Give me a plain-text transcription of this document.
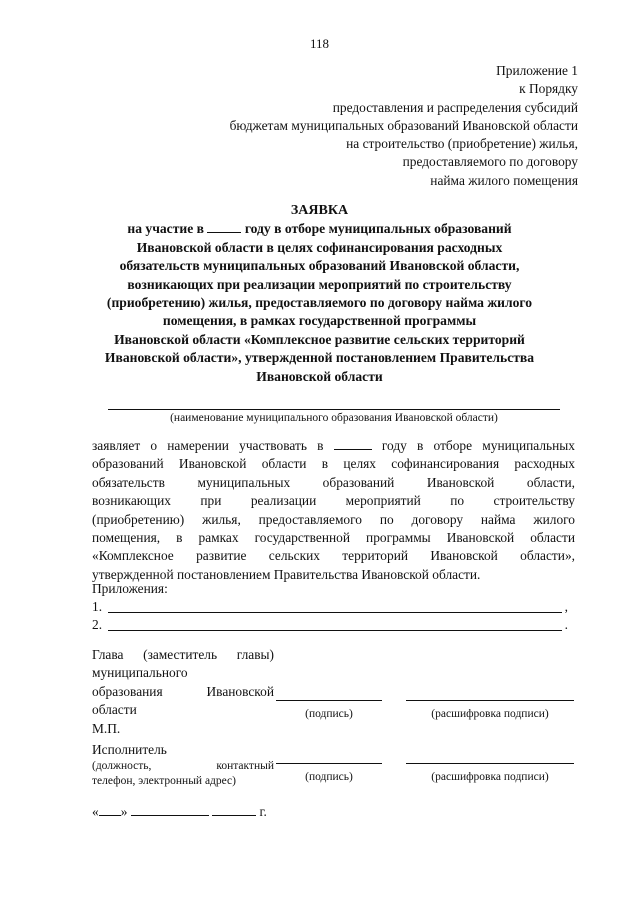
118
Приложение 1
к Порядку
предоставления и распределения субсидий
бюджетам муниципальных образований Ивановской области
на строительство (приобретение) жилья,
предоставляемого по договору
найма жилого помещения
ЗАЯВКА
на участие в	году в отборе муниципальных образований
Ивановской области в целях софинансирования расходных
обязательств муниципальных образований Ивановской области,
возникающих при реализации мероприятий по строительству
(приобретению) жилья, предоставляемого по договору найма жилого
помещения, в рамках государственной программы
Ивановской области «Комплексное развитие сельских территорий
Ивановской области», утвержденной постановлением Правительства
Ивановской области
(наименование муниципального образования Ивановской области)
заявляет о намерении участвовать в	году в отборе муниципальных
образований Ивановской области в целях софинансирования расходных
обязательств муниципальных образований Ивановской области,
возникающих при реализации мероприятий по строительству
(приобретению) жилья, предоставляемого по договору найма жилого
помещения, в рамках государственной программы Ивановской области
«Комплексное развитие сельских территорий Ивановской области»,
утвержденной постановлением Правительства Ивановской области.
Приложения:
1.	,
2.	.
Глава (заместитель главы)
муниципального
образования	Ивановской
области
М.П.
(подпись)	(расшифровка подписи)
Исполнитель
(должность,	контактный
телефон, электронный адрес)	(подпись)	(расшифровка подписи)
« »	г.
